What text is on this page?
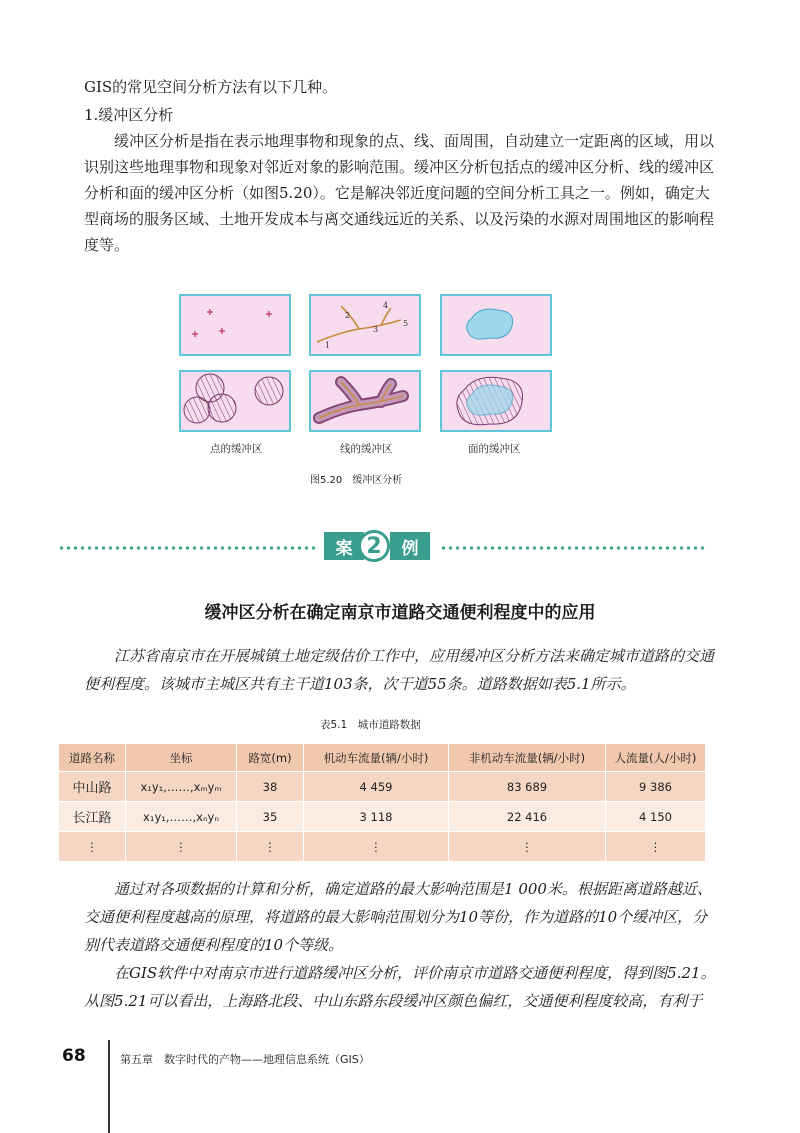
GIS的常见空间分析方法有以下几种。

1.缓冲区分析

缓冲区分析是指在表示地理事物和现象的点、线、面周围，自动建立一定距离的区域，用以识别这些地理事物和现象对邻近对象的影响范围。缓冲区分析包括点的缓冲区分析、线的缓冲区分析和面的缓冲区分析（如图5.20）。它是解决邻近度问题的空间分析工具之一。例如，确定大型商场的服务区域、土地开发成本与离交通线远近的关系、以及污染的水源对周围地区的影响程度等。

1
2
3
4
5
点的缓冲区	线的缓冲区	面的缓冲区
图5.20　缓冲区分析
案	例
2
缓冲区分析在确定南京市道路交通便利程度中的应用

江苏省南京市在开展城镇土地定级估价工作中，应用缓冲区分析方法来确定城市道路的交通便利程度。该城市主城区共有主干道103条，次干道55条。道路数据如表5.1所示。

表5.1　城市道路数据
道路名称	坐标	路宽(m)	机动车流量(辆/小时)	非机动车流量(辆/小时)	人流量(人/小时)
中山路	x₁y₁,……,xₘyₘ	38	4 459	83 689	9 386
长江路	x₁y₁,……,xₙyₙ	35	3 118	22 416	4 150
⋮	⋮	⋮	⋮	⋮	⋮

通过对各项数据的计算和分析，确定道路的最大影响范围是1 000米。根据距离道路越近、交通便利程度越高的原理，将道路的最大影响范围划分为10等份，作为道路的10个缓冲区，分别代表道路交通便利程度的10个等级。

在GIS软件中对南京市进行道路缓冲区分析，评价南京市道路交通便利程度，得到图5.21。从图5.21可以看出，上海路北段、中山东路东段缓冲区颜色偏红，交通便利程度较高，有利于

68	第五章　数字时代的产物——地理信息系统（GIS）
